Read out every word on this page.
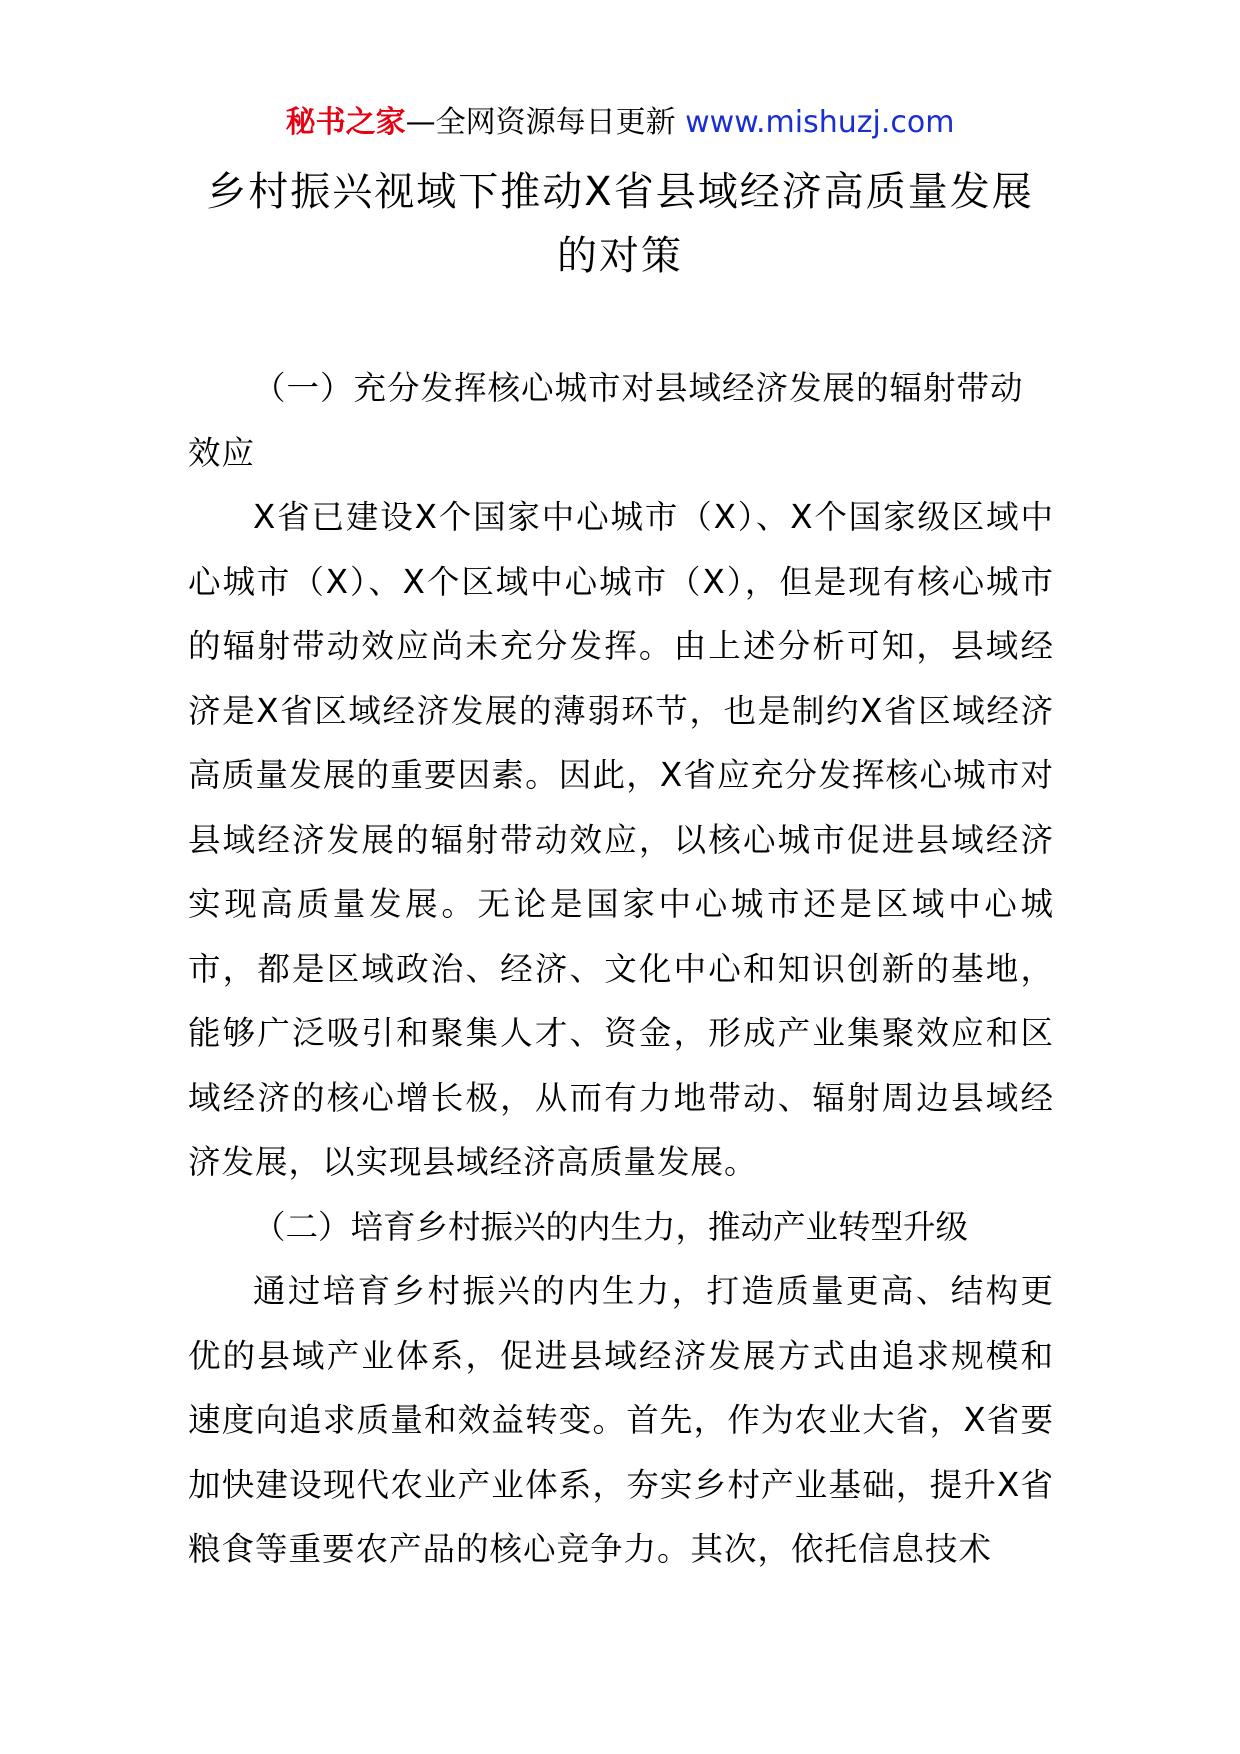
秘书之家—全网资源每日更新 www.mishuzj.com
乡村振兴视域下推动X省县域经济高质量发展
的对策

（一）充分发挥核心城市对县域经济发展的辐射带动效应

X省已建设X个国家中心城市（X）、X个国家级区域中心城市（X）、X个区域中心城市（X），但是现有核心城市的辐射带动效应尚未充分发挥。由上述分析可知，县域经济是X省区域经济发展的薄弱环节，也是制约X省区域经济高质量发展的重要因素。因此，X省应充分发挥核心城市对县域经济发展的辐射带动效应，以核心城市促进县域经济实现高质量发展。无论是国家中心城市还是区域中心城市，都是区域政治、经济、文化中心和知识创新的基地，能够广泛吸引和聚集人才、资金，形成产业集聚效应和区域经济的核心增长极，从而有力地带动、辐射周边县域经济发展，以实现县域经济高质量发展。

（二）培育乡村振兴的内生力，推动产业转型升级

通过培育乡村振兴的内生力，打造质量更高、结构更优的县域产业体系，促进县域经济发展方式由追求规模和速度向追求质量和效益转变。首先，作为农业大省，X省要加快建设现代农业产业体系，夯实乡村产业基础，提升X省粮食等重要农产品的核心竞争力。其次，依托信息技术
